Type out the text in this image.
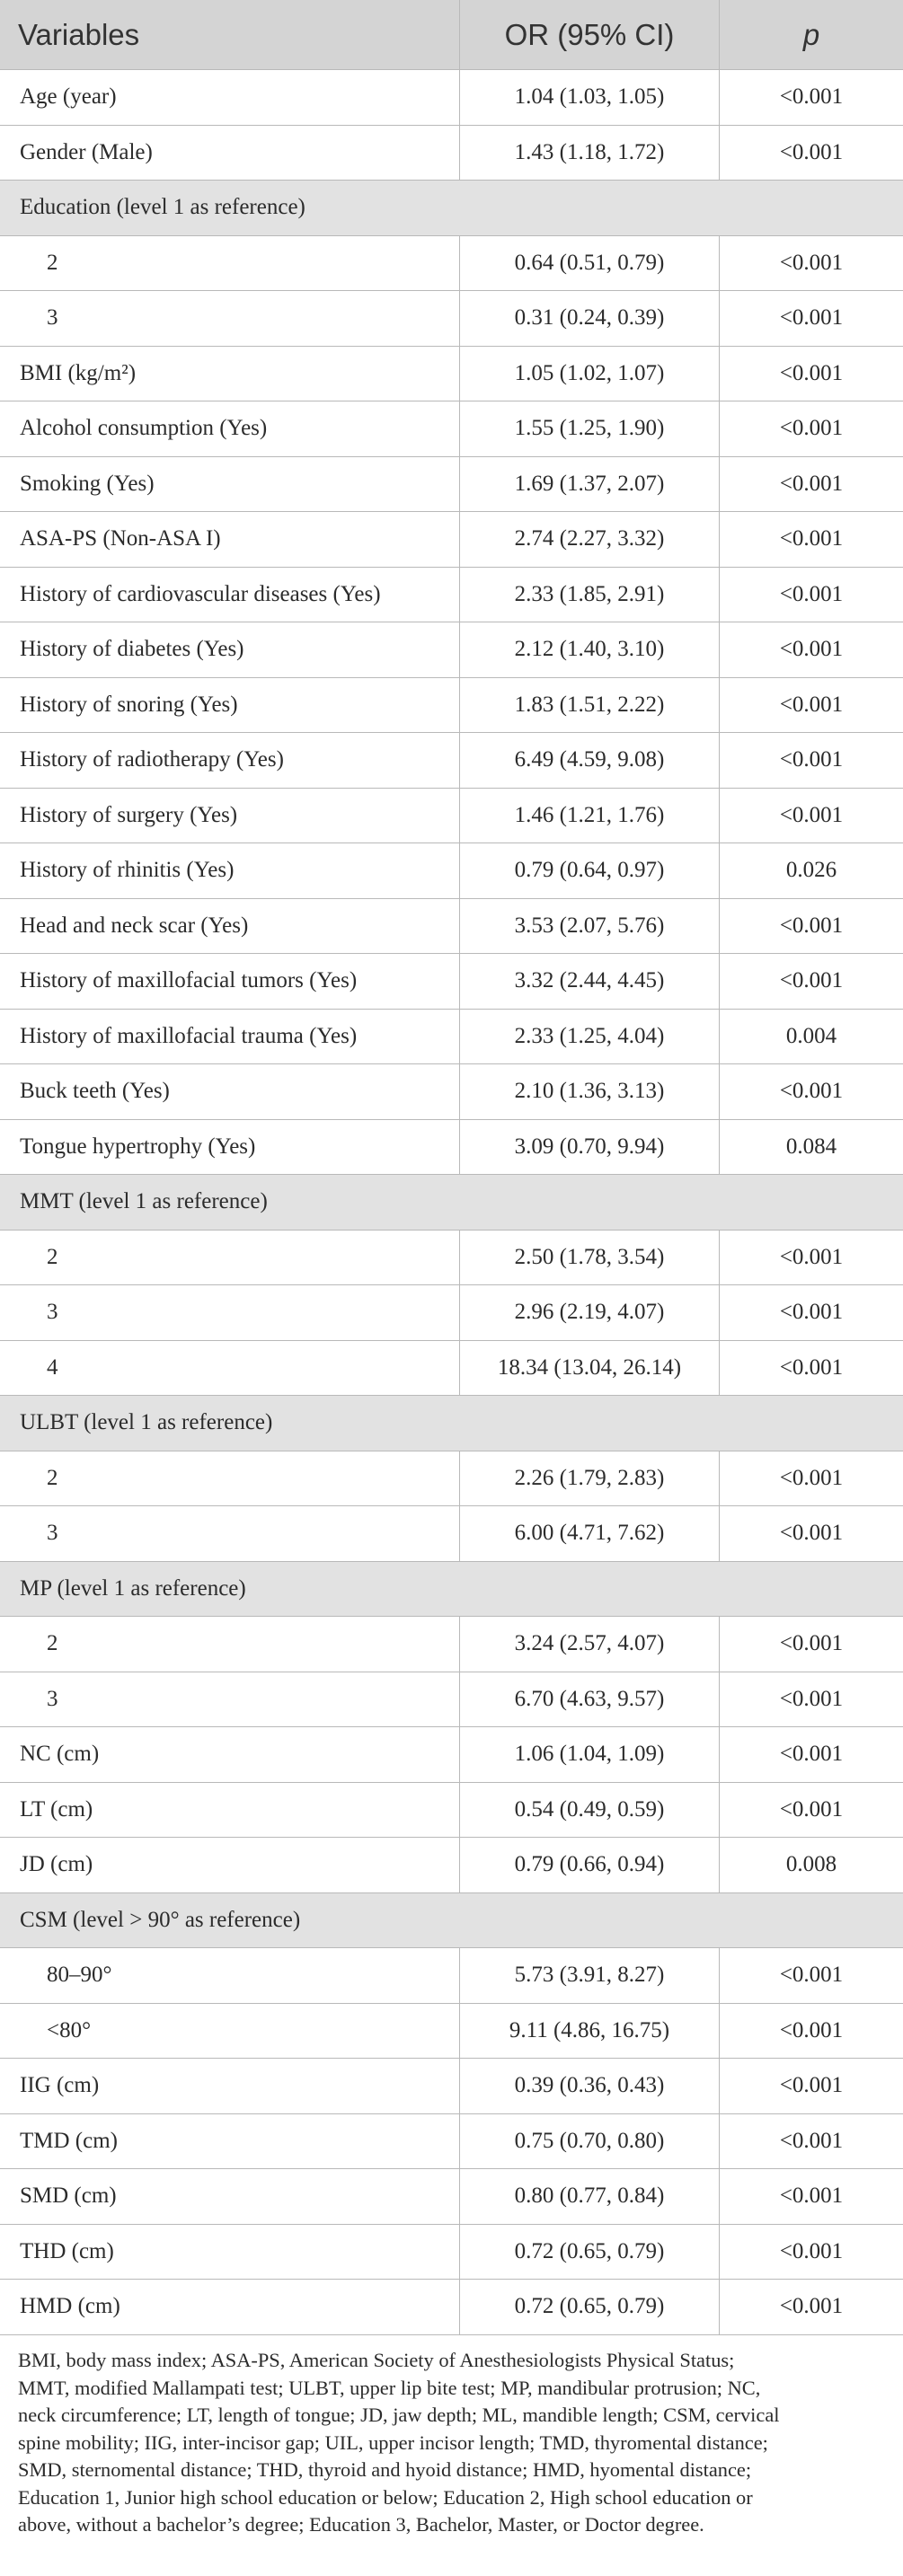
Variables	OR (95% CI)	p
Age (year)	1.04 (1.03, 1.05)	<0.001
Gender (Male)	1.43 (1.18, 1.72)	<0.001
Education (level 1 as reference)
2	0.64 (0.51, 0.79)	<0.001
3	0.31 (0.24, 0.39)	<0.001
BMI (kg/m²)	1.05 (1.02, 1.07)	<0.001
Alcohol consumption (Yes)	1.55 (1.25, 1.90)	<0.001
Smoking (Yes)	1.69 (1.37, 2.07)	<0.001
ASA-PS (Non-ASA I)	2.74 (2.27, 3.32)	<0.001
History of cardiovascular diseases (Yes)	2.33 (1.85, 2.91)	<0.001
History of diabetes (Yes)	2.12 (1.40, 3.10)	<0.001
History of snoring (Yes)	1.83 (1.51, 2.22)	<0.001
History of radiotherapy (Yes)	6.49 (4.59, 9.08)	<0.001
History of surgery (Yes)	1.46 (1.21, 1.76)	<0.001
History of rhinitis (Yes)	0.79 (0.64, 0.97)	0.026
Head and neck scar (Yes)	3.53 (2.07, 5.76)	<0.001
History of maxillofacial tumors (Yes)	3.32 (2.44, 4.45)	<0.001
History of maxillofacial trauma (Yes)	2.33 (1.25, 4.04)	0.004
Buck teeth (Yes)	2.10 (1.36, 3.13)	<0.001
Tongue hypertrophy (Yes)	3.09 (0.70, 9.94)	0.084
MMT (level 1 as reference)
2	2.50 (1.78, 3.54)	<0.001
3	2.96 (2.19, 4.07)	<0.001
4	18.34 (13.04, 26.14)	<0.001
ULBT (level 1 as reference)
2	2.26 (1.79, 2.83)	<0.001
3	6.00 (4.71, 7.62)	<0.001
MP (level 1 as reference)
2	3.24 (2.57, 4.07)	<0.001
3	6.70 (4.63, 9.57)	<0.001
NC (cm)	1.06 (1.04, 1.09)	<0.001
LT (cm)	0.54 (0.49, 0.59)	<0.001
JD (cm)	0.79 (0.66, 0.94)	0.008
CSM (level > 90° as reference)
80–90°	5.73 (3.91, 8.27)	<0.001
<80°	9.11 (4.86, 16.75)	<0.001
IIG (cm)	0.39 (0.36, 0.43)	<0.001
TMD (cm)	0.75 (0.70, 0.80)	<0.001
SMD (cm)	0.80 (0.77, 0.84)	<0.001
THD (cm)	0.72 (0.65, 0.79)	<0.001
HMD (cm)	0.72 (0.65, 0.79)	<0.001
BMI, body mass index; ASA-PS, American Society of Anesthesiologists Physical Status;
MMT, modified Mallampati test; ULBT, upper lip bite test; MP, mandibular protrusion; NC,
neck circumference; LT, length of tongue; JD, jaw depth; ML, mandible length; CSM, cervical
spine mobility; IIG, inter-incisor gap; UIL, upper incisor length; TMD, thyromental distance;
SMD, sternomental distance; THD, thyroid and hyoid distance; HMD, hyomental distance;
Education 1, Junior high school education or below; Education 2, High school education or
above, without a bachelor’s degree; Education 3, Bachelor, Master, or Doctor degree.
